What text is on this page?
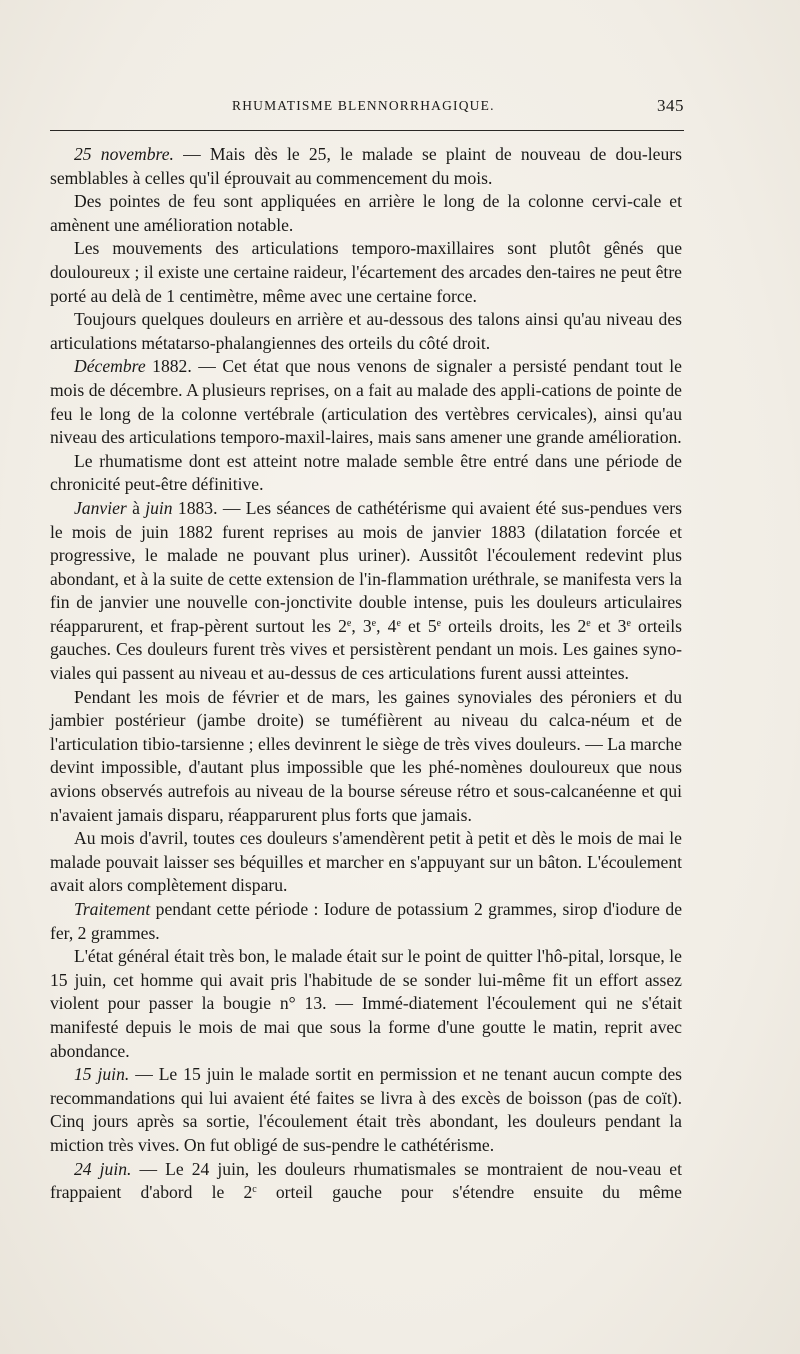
RHUMATISME BLENNORRHAGIQUE.	345

25 novembre. — Mais dès le 25, le malade se plaint de nouveau de dou-leurs semblables à celles qu'il éprouvait au commencement du mois.

Des pointes de feu sont appliquées en arrière le long de la colonne cervi-cale et amènent une amélioration notable.

Les mouvements des articulations temporo-maxillaires sont plutôt gênés que douloureux ; il existe une certaine raideur, l'écartement des arcades den-taires ne peut être porté au delà de 1 centimètre, même avec une certaine force.

Toujours quelques douleurs en arrière et au-dessous des talons ainsi qu'au niveau des articulations métatarso-phalangiennes des orteils du côté droit.

Décembre 1882. — Cet état que nous venons de signaler a persisté pendant tout le mois de décembre. A plusieurs reprises, on a fait au malade des appli-cations de pointe de feu le long de la colonne vertébrale (articulation des vertèbres cervicales), ainsi qu'au niveau des articulations temporo-maxil-laires, mais sans amener une grande amélioration.

Le rhumatisme dont est atteint notre malade semble être entré dans une période de chronicité peut-être définitive.

Janvier à juin 1883. — Les séances de cathétérisme qui avaient été sus-pendues vers le mois de juin 1882 furent reprises au mois de janvier 1883 (dilatation forcée et progressive, le malade ne pouvant plus uriner). Aussitôt l'écoulement redevint plus abondant, et à la suite de cette extension de l'in-flammation uréthrale, se manifesta vers la fin de janvier une nouvelle con-jonctivite double intense, puis les douleurs articulaires réapparurent, et frap-pèrent surtout les 2e, 3e, 4e et 5e orteils droits, les 2e et 3e orteils gauches. Ces douleurs furent très vives et persistèrent pendant un mois. Les gaines syno-viales qui passent au niveau et au-dessus de ces articulations furent aussi atteintes.

Pendant les mois de février et de mars, les gaines synoviales des péroniers et du jambier postérieur (jambe droite) se tuméfièrent au niveau du calca-néum et de l'articulation tibio-tarsienne ; elles devinrent le siège de très vives douleurs. — La marche devint impossible, d'autant plus impossible que les phé-nomènes douloureux que nous avions observés autrefois au niveau de la bourse séreuse rétro et sous-calcanéenne et qui n'avaient jamais disparu, réapparurent plus forts que jamais.

Au mois d'avril, toutes ces douleurs s'amendèrent petit à petit et dès le mois de mai le malade pouvait laisser ses béquilles et marcher en s'appuyant sur un bâton. L'écoulement avait alors complètement disparu.

Traitement pendant cette période : Iodure de potassium 2 grammes, sirop d'iodure de fer, 2 grammes.

L'état général était très bon, le malade était sur le point de quitter l'hô-pital, lorsque, le 15 juin, cet homme qui avait pris l'habitude de se sonder lui-même fit un effort assez violent pour passer la bougie n° 13. — Immé-diatement l'écoulement qui ne s'était manifesté depuis le mois de mai que sous la forme d'une goutte le matin, reprit avec abondance.

15 juin. — Le 15 juin le malade sortit en permission et ne tenant aucun compte des recommandations qui lui avaient été faites se livra à des excès de boisson (pas de coït). Cinq jours après sa sortie, l'écoulement était très abondant, les douleurs pendant la miction très vives. On fut obligé de sus-pendre le cathétérisme.

24 juin. — Le 24 juin, les douleurs rhumatismales se montraient de nou-veau et frappaient d'abord le 2$^c$ orteil gauche pour s'étendre ensuite du même
